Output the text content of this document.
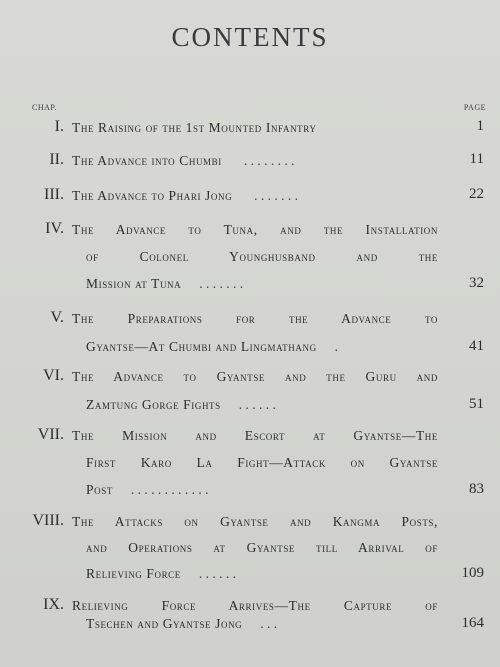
CONTENTS
CHAP.	PAGE
I. The Raising of the 1st Mounted Infantry	1
II. The Advance into Chumbi . . . . . . . .	11
III. The Advance to Phari Jong . . . . . . .	22
IV. The Advance to Tuna, and the Installation
of Colonel Younghusband and the
Mission at Tuna . . . . . . .	32
V. The Preparations for the Advance to
Gyantse—At Chumbi and Lingmathang .	41
VI. The Advance to Gyantse and the Guru and
Zamtung Gorge Fights . . . . . .	51
VII. The Mission and Escort at Gyantse—The
First Karo La Fight—Attack on Gyantse
Post . . . . . . . . . . . .	83
VIII. The Attacks on Gyantse and Kangma Posts,
and Operations at Gyantse till Arrival of
Relieving Force . . . . . .	109
IX. Relieving Force Arrives—The Capture of
Tsechen and Gyantse Jong . . .	164
